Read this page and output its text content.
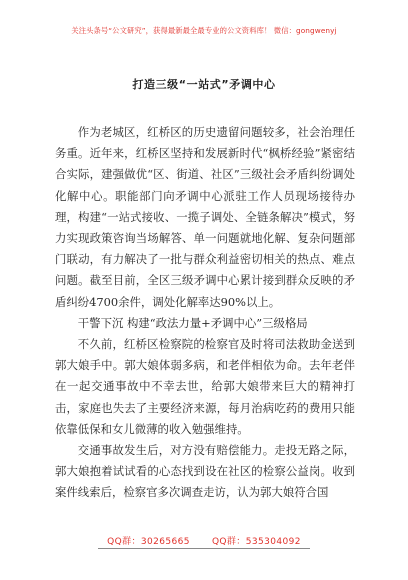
关注头条号“公文研究”，获得最新最全最专业的公文资料库！ 微信：gongwenyj
打造三级“一站式”矛调中心

作为老城区，红桥区的历史遗留问题较多，社会治理任务重。近年来，红桥区坚持和发展新时代“枫桥经验”紧密结合实际，建强做优“区、街道、社区”三级社会矛盾纠纷调处化解中心。职能部门向矛调中心派驻工作人员现场接待办理，构建“一站式接收、一揽子调处、全链条解决”模式，努力实现政策咨询当场解答、单一问题就地化解、复杂问题部门联动，有力解决了一批与群众利益密切相关的热点、难点问题。截至目前，全区三级矛调中心累计接到群众反映的矛盾纠纷4700余件，调处化解率达90%以上。

干警下沉 构建“政法力量+矛调中心”三级格局

不久前，红桥区检察院的检察官及时将司法救助金送到郭大娘手中。郭大娘体弱多病，和老伴相依为命。去年老伴在一起交通事故中不幸去世，给郭大娘带来巨大的精神打击，家庭也失去了主要经济来源，每月治病吃药的费用只能依靠低保和女儿微薄的收入勉强维持。

交通事故发生后，对方没有赔偿能力。走投无路之际，郭大娘抱着试试看的心态找到设在社区的检察公益岗。收到案件线索后，检察官多次调查走访，认为郭大娘符合国

QQ群：30265665 QQ群：535304092
